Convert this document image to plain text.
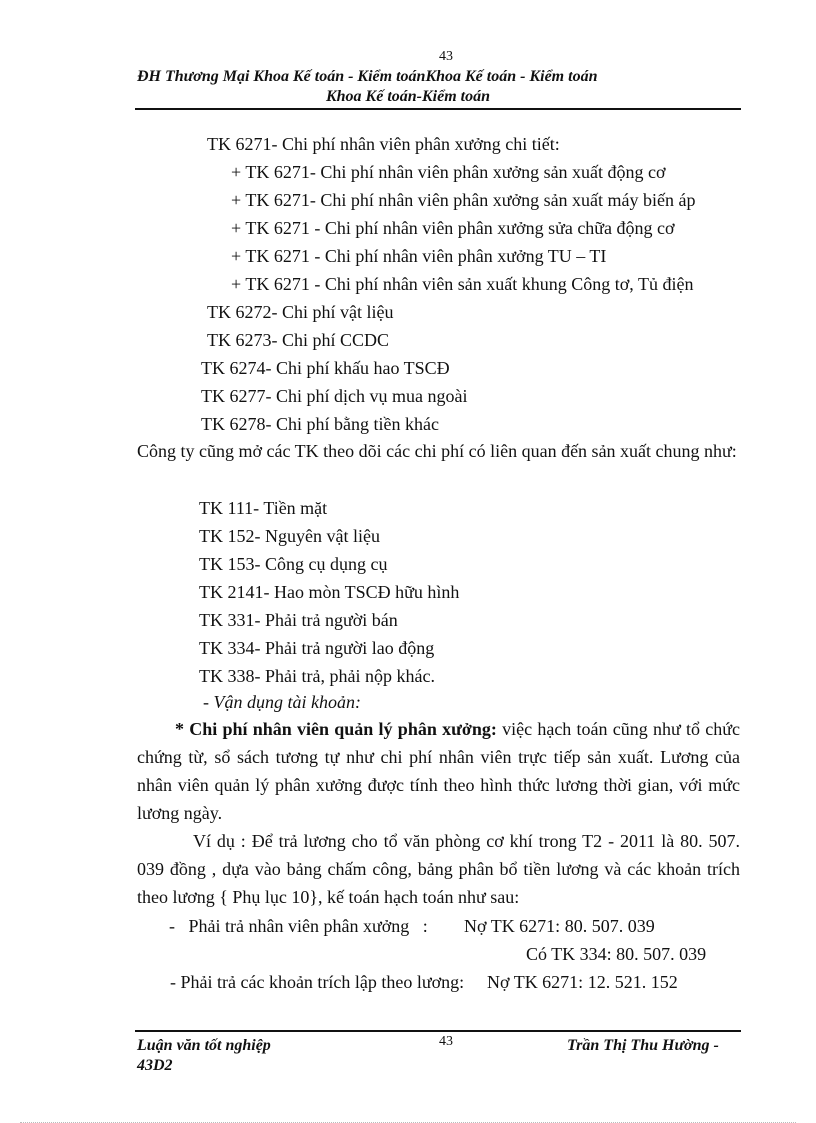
43
ĐH Thương Mại Khoa Kế toán - Kiểm toánKhoa Kế toán - Kiểm toán
Khoa Kế toán-Kiểm toán
TK 6271- Chi phí nhân viên phân xưởng chi tiết:
+ TK 6271- Chi phí nhân viên phân xưởng sản xuất động cơ
+ TK 6271- Chi phí nhân viên phân xưởng sản xuất máy biến áp
+ TK 6271 - Chi phí nhân viên phân xưởng sửa chữa động cơ
+ TK 6271 - Chi phí nhân viên phân xưởng TU – TI
+ TK 6271 - Chi phí nhân viên sản xuất khung Công tơ, Tủ điện
TK 6272- Chi phí vật liệu
TK 6273- Chi phí CCDC
TK 6274- Chi phí khấu hao TSCĐ
TK 6277- Chi phí dịch vụ mua ngoài
TK 6278- Chi phí bằng tiền khác
Công ty cũng mở các TK theo dõi các chi phí có liên quan đến sản xuất chung như:
TK 111- Tiền mặt
TK 152- Nguyên vật liệu
TK 153- Công cụ dụng cụ
TK 2141- Hao mòn TSCĐ hữu hình
TK 331- Phải trả người bán
TK 334- Phải trả người lao động
TK 338- Phải trả, phải nộp khác.
- Vận dụng tài khoản:
* Chi phí nhân viên quản lý phân xưởng: việc hạch toán cũng như tổ chức chứng từ, sổ sách tương tự như chi phí nhân viên trực tiếp sản xuất. Lương của nhân viên quản lý phân xưởng được tính theo hình thức lương thời gian, với mức lương ngày.
Ví dụ : Để trả lương cho tổ văn phòng cơ khí trong T2 - 2011 là 80. 507. 039 đồng , dựa vào bảng chấm công, bảng phân bổ tiền lương và các khoản trích theo lương { Phụ lục 10}, kế toán hạch toán như sau:
-   Phải trả nhân viên phân xưởng   : Nợ TK 6271: 80. 507. 039
Có TK 334: 80. 507. 039
- Phải trả các khoản trích lập theo lương: Nợ TK 6271: 12. 521. 152
Luận văn tốt nghiệp
43D2
43	Trần Thị Thu Hường -
